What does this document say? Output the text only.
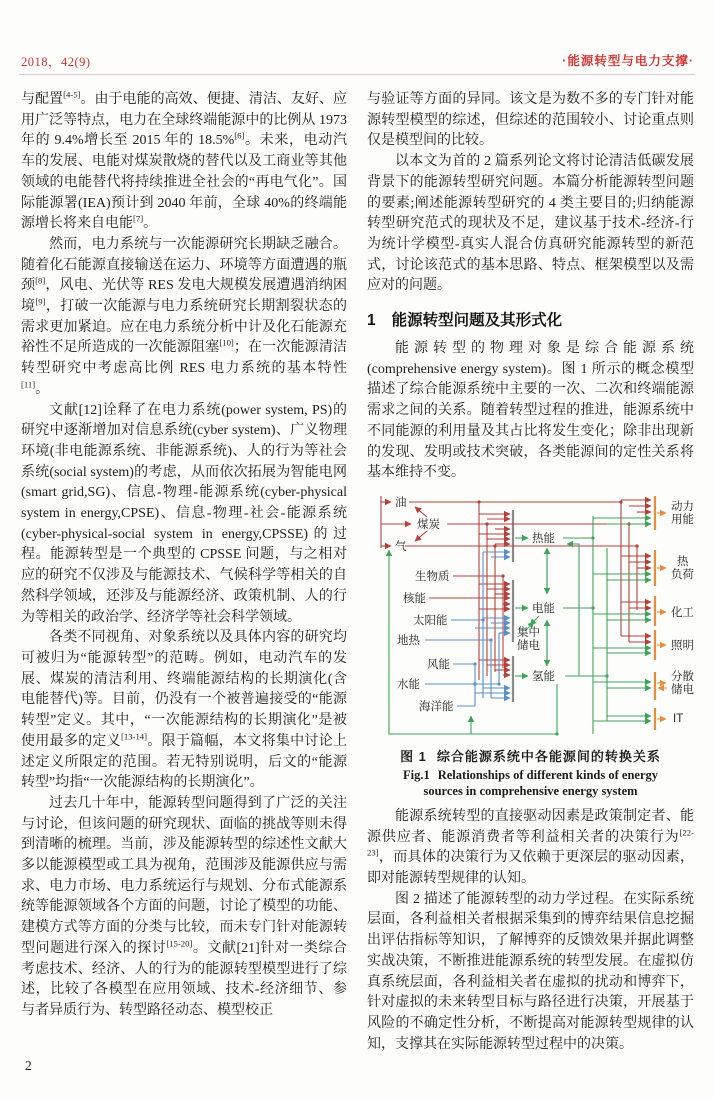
2018，42(9)	·能源转型与电力支撑·

与配置[4-5]。由于电能的高效、便捷、清洁、友好、应用广泛等特点，电力在全球终端能源中的比例从 1973 年的 9.4%增长至 2015 年的 18.5%[6]。未来，电动汽车的发展、电能对煤炭散烧的替代以及工商业等其他领域的电能替代将持续推进全社会的“再电气化”。国际能源署(IEA)预计到 2040 年前，全球 40%的终端能源增长将来自电能[7]。

然而，电力系统与一次能源研究长期缺乏融合。随着化石能源直接输送在运力、环境等方面遭遇的瓶颈[8]，风电、光伏等 RES 发电大规模发展遭遇消纳困境[9]，打破一次能源与电力系统研究长期割裂状态的需求更加紧迫。应在电力系统分析中计及化石能源充裕性不足所造成的一次能源阻塞[10]；在一次能源清洁转型研究中考虑高比例 RES 电力系统的基本特性[11]。

文献[12]诠释了在电力系统(power system, PS)的研究中逐渐增加对信息系统(cyber system)、广义物理环境(非电能源系统、非能源系统)、人的行为等社会系统(social system)的考虑，从而依次拓展为智能电网(smart grid,SG)、信息-物理-能源系统(cyber-physical system in energy,CPSE)、信息-物理-社会-能源系统(cyber-physical-social system in energy,CPSSE)的过程。能源转型是一个典型的 CPSSE 问题，与之相对应的研究不仅涉及与能源技术、气候科学等相关的自然科学领域，还涉及与能源经济、政策机制、人的行为等相关的政治学、经济学等社会科学领域。

各类不同视角、对象系统以及具体内容的研究均可被归为“能源转型”的范畴。例如，电动汽车的发展、煤炭的清洁利用、终端能源结构的长期演化(含电能替代)等。目前，仍没有一个被普遍接受的“能源转型”定义。其中，“一次能源结构的长期演化”是被使用最多的定义[13-14]。限于篇幅，本文将集中讨论上述定义所限定的范围。若无特别说明，后文的“能源转型”均指“一次能源结构的长期演化”。

过去几十年中，能源转型问题得到了广泛的关注与讨论，但该问题的研究现状、面临的挑战等则未得到清晰的梳理。当前，涉及能源转型的综述性文献大多以能源模型或工具为视角，范围涉及能源供应与需求、电力市场、电力系统运行与规划、分布式能源系统等能源领域各个方面的问题，讨论了模型的功能、建模方式等方面的分类与比较，而未专门针对能源转型问题进行深入的探讨[15-20]。文献[21]针对一类综合考虑技术、经济、人的行为的能源转型模型进行了综述，比较了各模型在应用领域、技术-经济细节、参与者异质行为、转型路径动态、模型校正

与验证等方面的异同。该文是为数不多的专门针对能源转型模型的综述，但综述的范围较小、讨论重点则仅是模型间的比较。

以本文为首的 2 篇系列论文将讨论清洁低碳发展背景下的能源转型研究问题。本篇分析能源转型问题的要素;阐述能源转型研究的 4 类主要目的;归纳能源转型研究范式的现状及不足，建议基于技术-经济-行为统计学模型-真实人混合仿真研究能源转型的新范式，讨论该范式的基本思路、特点、框架模型以及需应对的问题。

1 能源转型问题及其形式化

能源转型的物理对象是综合能源系统(comprehensive energy system)。图 1 所示的概念模型描述了综合能源系统中主要的一次、二次和终端能源需求之间的关系。随着转型过程的推进，能源系统中不同能源的利用量及其占比将发生变化；除非出现新的发现、发明或技术突破，各类能源间的定性关系将基本维持不变。

油
煤炭
气
生物质
核能
太阳能
地热
风能
水能
海洋能
热能
电能
集中
储电
氢能
动力
用能
热
负荷
化工
照明
分散
储电
IT
图 1 综合能源系统中各能源间的转换关系
Fig.1 Relationships of different kinds of energy sources in comprehensive energy system

能源系统转型的直接驱动因素是政策制定者、能源供应者、能源消费者等利益相关者的决策行为[22-23]，而具体的决策行为又依赖于更深层的驱动因素，即对能源转型规律的认知。

图 2 描述了能源转型的动力学过程。在实际系统层面，各利益相关者根据采集到的博弈结果信息挖掘出评估指标等知识，了解博弈的反馈效果并据此调整实战决策，不断推进能源系统的转型发展。在虚拟仿真系统层面，各利益相关者在虚拟的扰动和博弈下，针对虚拟的未来转型目标与路径进行决策，开展基于风险的不确定性分析，不断提高对能源转型规律的认知，支撑其在实际能源转型过程中的决策。

2
